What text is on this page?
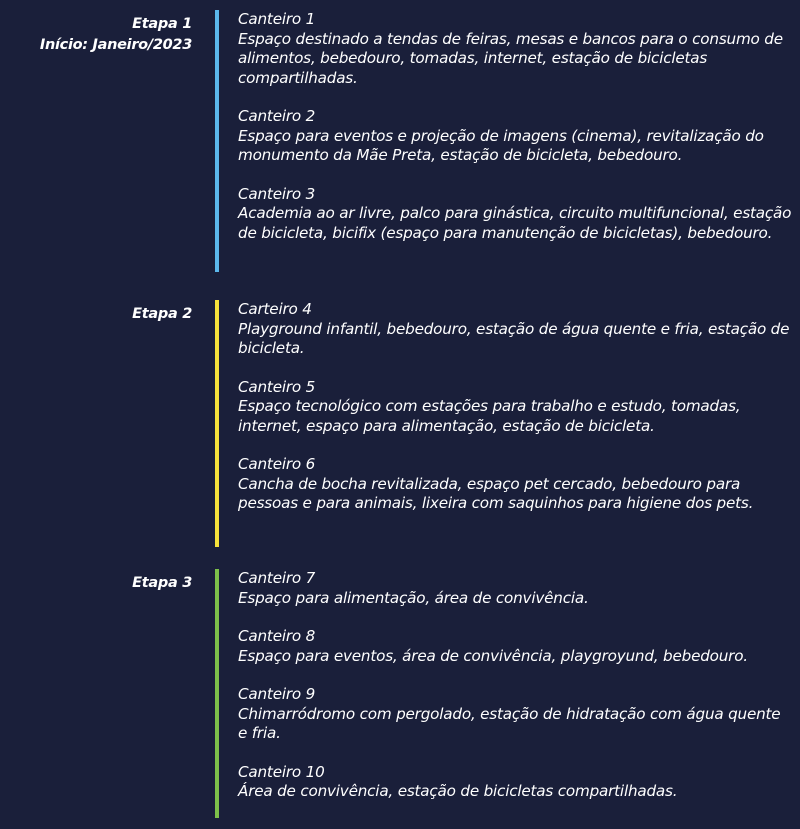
Etapa 1
Início: Janeiro/2023
Canteiro 1
Espaço destinado a tendas de feiras, mesas e bancos para o consumo de alimentos, bebedouro, tomadas, internet, estação de bicicletas compartilhadas.
Canteiro 2
Espaço para eventos e projeção de imagens (cinema), revitalização do monumento da Mãe Preta, estação de bicicleta, bebedouro.
Canteiro 3
Academia ao ar livre, palco para ginástica, circuito multifuncional, estação de bicicleta, bicifix (espaço para manutenção de bicicletas), bebedouro.
Etapa 2	Carteiro 4
Playground infantil, bebedouro, estação de água quente e fria, estação de bicicleta.
Canteiro 5
Espaço tecnológico com estações para trabalho e estudo, tomadas, internet, espaço para alimentação, estação de bicicleta.
Canteiro 6
Cancha de bocha revitalizada, espaço pet cercado, bebedouro para pessoas e para animais, lixeira com saquinhos para higiene dos pets.
Etapa 3	Canteiro 7
Espaço para alimentação, área de convivência.
Canteiro 8
Espaço para eventos, área de convivência, playgroyund, bebedouro.
Canteiro 9
Chimarródromo com pergolado, estação de hidratação com água quente e fria.
Canteiro 10
Área de convivência, estação de bicicletas compartilhadas.
